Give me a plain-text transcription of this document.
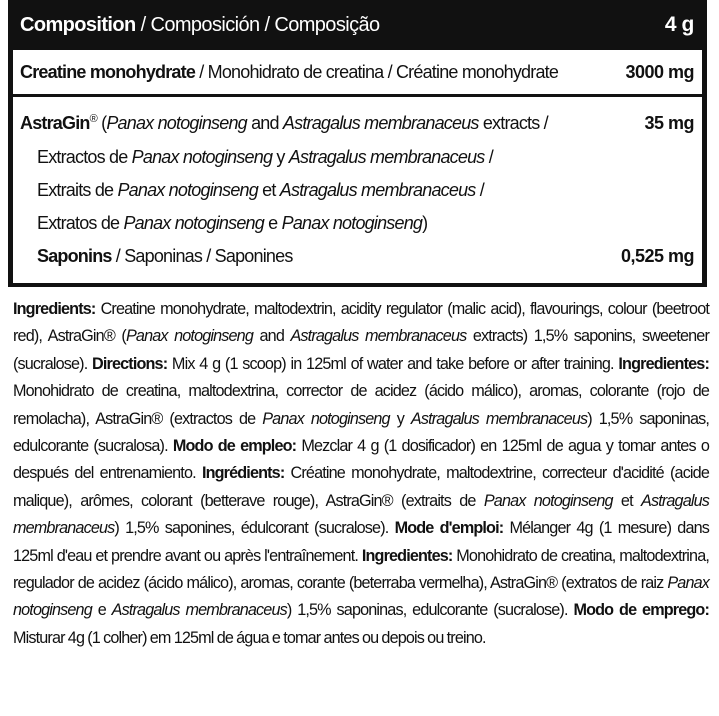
Composition / Composición / Composição	4 g
Creatine monohydrate / Monohidrato de creatina / Créatine monohydrate	3000 mg
AstraGin® (Panax notoginseng and Astragalus membranaceus extracts /	35 mg
Extractos de Panax notoginseng y Astragalus membranaceus /
Extraits de Panax notoginseng et Astragalus membranaceus /
Extratos de Panax notoginseng e Panax notoginseng)
Saponins / Saponinas / Saponines	0,525 mg

Ingredients: Creatine monohydrate, maltodextrin, acidity regulator (malic acid), flavourings, colour (beetroot red), AstraGin® (Panax notoginseng and Astragalus membranaceus extracts) 1,5% saponins, sweetener (sucralose). Directions: Mix 4 g (1 scoop) in 125ml of water and take before or after training. Ingredientes: Monohidrato de creatina, maltodextrina, corrector de acidez (ácido málico), aromas, colorante (rojo de remolacha), AstraGin® (extractos de Panax notoginseng y Astragalus membranaceus) 1,5% saponinas, edulcorante (sucralosa). Modo de empleo: Mezclar 4 g (1 dosificador) en 125ml de agua y tomar antes o después del entrenamiento. Ingrédients: Créatine monohydrate, maltodextrine, correcteur d'acidité (acide malique), arômes, colorant (betterave rouge), AstraGin® (extraits de Panax notoginseng et Astragalus membranaceus) 1,5% saponines, édulcorant (sucralose). Mode d'emploi: Mélanger 4g (1 mesure) dans 125ml d'eau et prendre avant ou après l'entraînement. Ingredientes: Monohidrato de creatina, maltodextrina, regulador de acidez (ácido málico), aromas, corante (beterraba vermelha), AstraGin® (extratos de raiz Panax notoginseng e Astragalus membranaceus) 1,5% saponinas, edulcorante (sucralose). Modo de emprego: Misturar 4g (1 colher) em 125ml de água e tomar antes ou depois ou treino.
